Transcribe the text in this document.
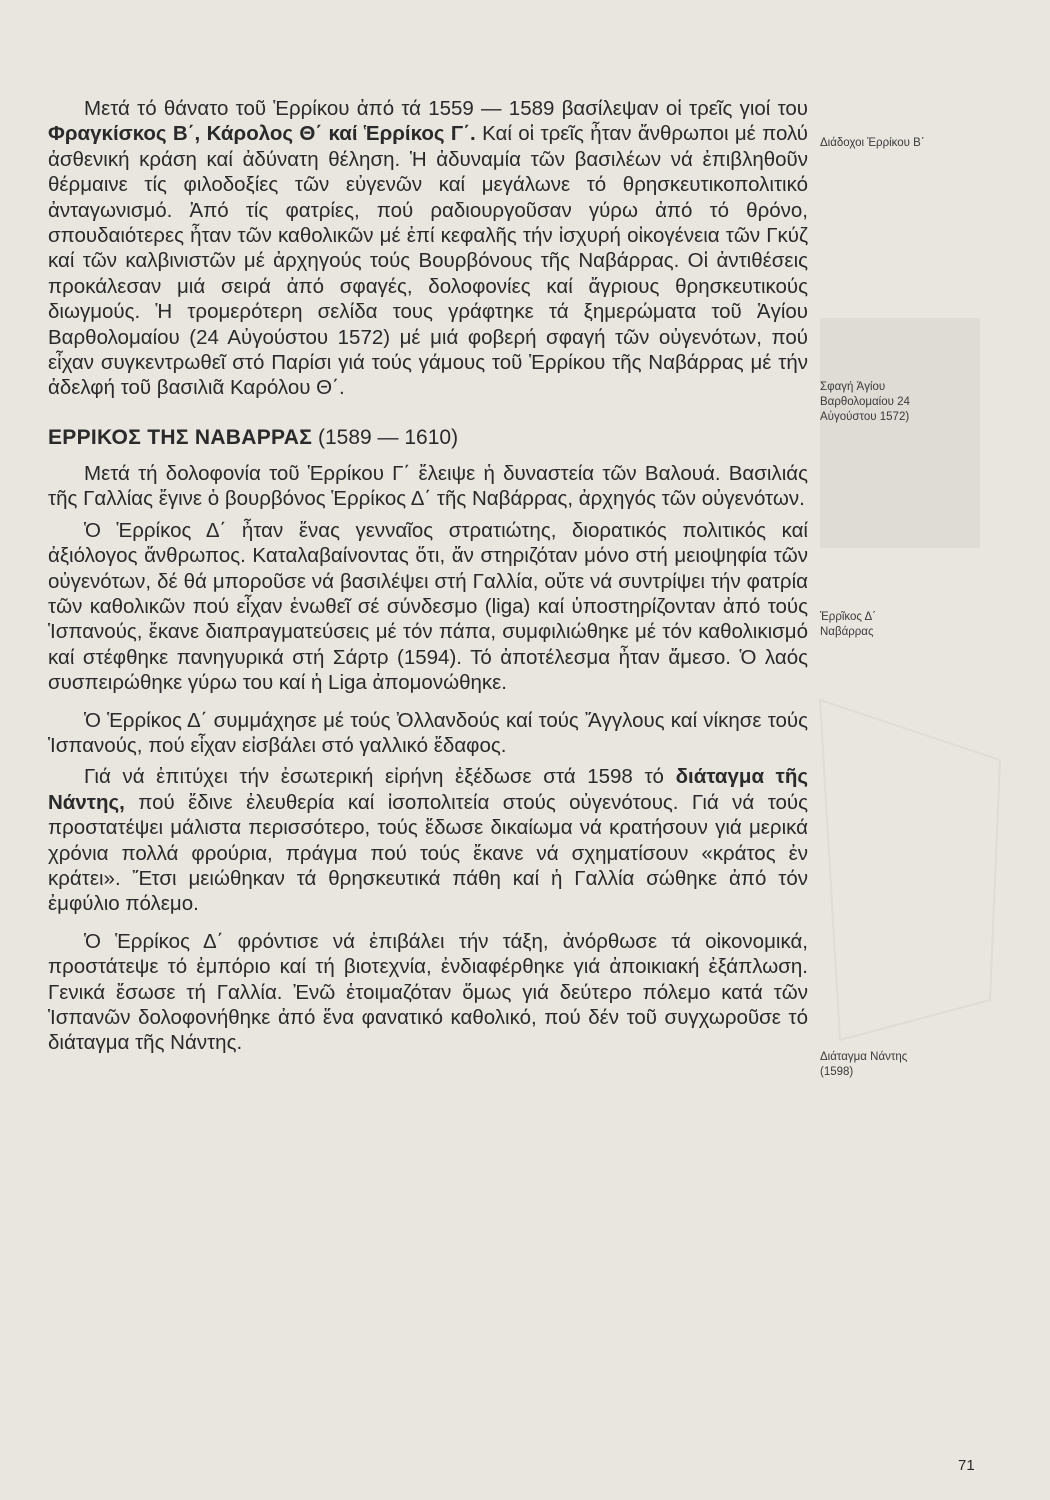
Μετά τό θάνατο τοῦ Ἑρρίκου ἀπό τά 1559 — 1589 βασίλεψαν οἱ τρεῖς γιοί του Φραγκίσκος Β΄, Κάρολος Θ΄ καί Ἑρρίκος Γ΄. Καί οἱ τρεῖς ἦταν ἄνθρωποι μέ πολύ ἀσθενική κράση καί ἀδύνατη θέληση. Ἡ ἀδυναμία τῶν βασιλέων νά ἐπιβληθοῦν θέρμαινε τίς φιλοδοξίες τῶν εὐγενῶν καί μεγάλωνε τό θρησκευτικοπολιτικό ἀνταγωνισμό. Ἀπό τίς φατρίες, πού ραδιουργοῦσαν γύρω ἀπό τό θρόνο, σπουδαιότερες ἦταν τῶν καθολικῶν μέ ἐπί κεφαλῆς τήν ἰσχυρή οἰκογένεια τῶν Γκύζ καί τῶν καλβινιστῶν μέ ἀρχηγούς τούς Βουρβόνους τῆς Ναβάρρας. Οἱ ἀντιθέσεις προκάλεσαν μιά σειρά ἀπό σφαγές, δολοφονίες καί ἄγριους θρησκευτικούς διωγμούς. Ἡ τρομερότερη σελίδα τους γράφτηκε τά ξημερώματα τοῦ Ἁγίου Βαρθολομαίου (24 Αὐγούστου 1572) μέ μιά φοβερή σφαγή τῶν οὐγενότων, πού εἶχαν συγκεντρωθεῖ στό Παρίσι γιά τούς γάμους τοῦ Ἑρρίκου τῆς Ναβάρρας μέ τήν ἀδελφή τοῦ βασιλιᾶ Καρόλου Θ΄.

ΕΡΡΙΚΟΣ ΤΗΣ ΝΑΒΑΡΡΑΣ (1589 — 1610)

Μετά τή δολοφονία τοῦ Ἑρρίκου Γ΄ ἔλειψε ἡ δυναστεία τῶν Βαλουά. Βασιλιάς τῆς Γαλλίας ἔγινε ὁ βουρβόνος Ἑρρίκος Δ΄ τῆς Ναβάρρας, ἀρχηγός τῶν οὐγενότων.

Ὁ Ἑρρίκος Δ΄ ἦταν ἕνας γενναῖος στρατιώτης, διορατικός πολιτικός καί ἀξιόλογος ἄνθρωπος. Καταλαβαίνοντας ὅτι, ἄν στηριζόταν μόνο στή μειοψηφία τῶν οὐγενότων, δέ θά μποροῦσε νά βασιλέψει στή Γαλλία, οὔτε νά συντρίψει τήν φατρία τῶν καθολικῶν πού εἶχαν ἑνωθεῖ σέ σύνδεσμο (liga) καί ὑποστηρίζονταν ἀπό τούς Ἱσπανούς, ἔκανε διαπραγματεύσεις μέ τόν πάπα, συμφιλιώθηκε μέ τόν καθολικισμό καί στέφθηκε πανηγυρικά στή Σάρτρ (1594). Τό ἀποτέλεσμα ἦταν ἄμεσο. Ὁ λαός συσπειρώθηκε γύρω του καί ἡ Liga ἀπομονώθηκε.

Ὁ Ἑρρίκος Δ΄ συμμάχησε μέ τούς Ὀλλανδούς καί τούς Ἄγγλους καί νίκησε τούς Ἱσπανούς, πού εἶχαν εἰσβάλει στό γαλλικό ἔδαφος.

Γιά νά ἐπιτύχει τήν ἐσωτερική εἰρήνη ἐξέδωσε στά 1598 τό διάταγμα τῆς Νάντης, πού ἔδινε ἐλευθερία καί ἰσοπολιτεία στούς οὐγενότους. Γιά νά τούς προστατέψει μάλιστα περισσότερο, τούς ἔδωσε δικαίωμα νά κρατήσουν γιά μερικά χρόνια πολλά φρούρια, πράγμα πού τούς ἔκανε νά σχηματίσουν «κράτος ἐν κράτει». Ἔτσι μειώθηκαν τά θρησκευτικά πάθη καί ἡ Γαλλία σώθηκε ἀπό τόν ἐμφύλιο πόλεμο.

Ὁ Ἑρρίκος Δ΄ φρόντισε νά ἐπιβάλει τήν τάξη, ἀνόρθωσε τά οἰκονομικά, προστάτεψε τό ἐμπόριο καί τή βιοτεχνία, ἐνδιαφέρθηκε γιά ἀποικιακή ἐξάπλωση. Γενικά ἔσωσε τή Γαλλία. Ἐνῶ ἑτοιμαζόταν ὅμως γιά δεύτερο πόλεμο κατά τῶν Ἱσπανῶν δολοφονήθηκε ἀπό ἕνα φανατικό καθολικό, πού δέν τοῦ συγχωροῦσε τό διάταγμα τῆς Νάντης.

Διάδοχοι Ἑρρίκου Β΄
Σφαγή Ἁγίου
Βαρθολομαίου 24
Αὐγούστου 1572)
Ἑρρῖκος Δ΄
Ναβάρρας
Διάταγμα Νάντης
(1598)
71
